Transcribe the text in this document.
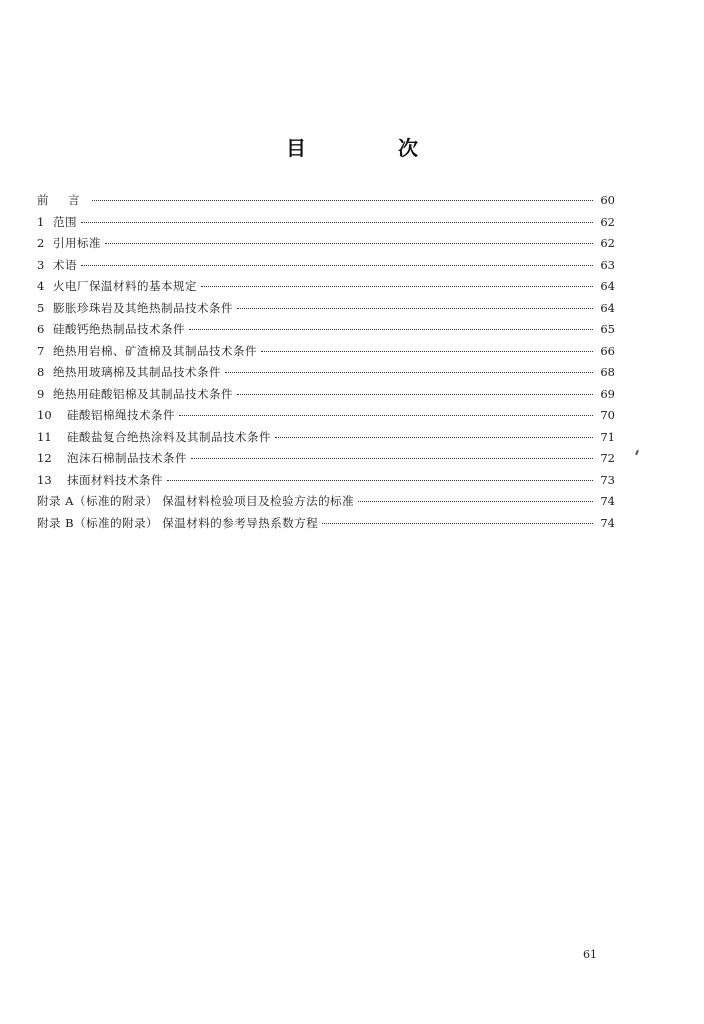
目	次
前 言	60
1 范围	62
2 引用标准	62
3 术语	63
4 火电厂保温材料的基本规定	64
5 膨胀珍珠岩及其绝热制品技术条件	64
6 硅酸钙绝热制品技术条件	65
7 绝热用岩棉、矿渣棉及其制品技术条件	66
8 绝热用玻璃棉及其制品技术条件	68
9 绝热用硅酸铝棉及其制品技术条件	69
10	硅酸铝棉绳技术条件	70
11	硅酸盐复合绝热涂料及其制品技术条件	71
12	泡沫石棉制品技术条件	72
13	抹面材料技术条件	73
附录 A（标准的附录） 保温材料检验项目及检验方法的标准	74
附录 B（标准的附录） 保温材料的参考导热系数方程	74
61
